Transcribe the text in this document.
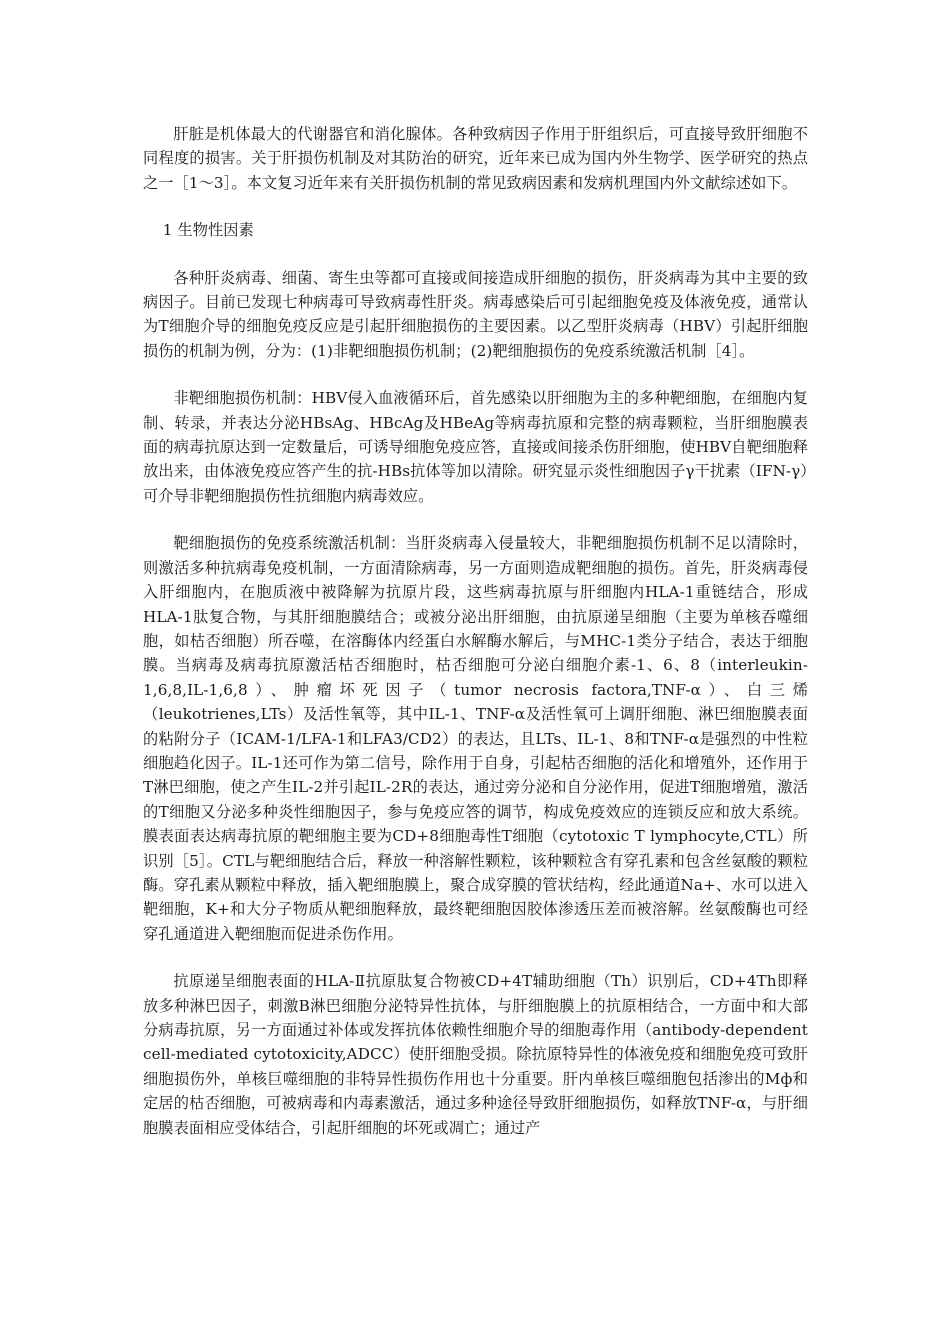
肝脏是机体最大的代谢器官和消化腺体。各种致病因子作用于肝组织后，可直接导致肝细胞不同程度的损害。关于肝损伤机制及对其防治的研究，近年来已成为国内外生物学、医学研究的热点之一［1～3］。本文复习近年来有关肝损伤机制的常见致病因素和发病机理国内外文献综述如下。

1 生物性因素

各种肝炎病毒、细菌、寄生虫等都可直接或间接造成肝细胞的损伤，肝炎病毒为其中主要的致病因子。目前已发现七种病毒可导致病毒性肝炎。病毒感染后可引起细胞免疫及体液免疫，通常认为T细胞介导的细胞免疫反应是引起肝细胞损伤的主要因素。以乙型肝炎病毒（HBV）引起肝细胞损伤的机制为例，分为：(1)非靶细胞损伤机制；(2)靶细胞损伤的免疫系统激活机制［4］。

非靶细胞损伤机制：HBV侵入血液循环后，首先感染以肝细胞为主的多种靶细胞，在细胞内复制、转录，并表达分泌HBsAg、HBcAg及HBeAg等病毒抗原和完整的病毒颗粒，当肝细胞膜表面的病毒抗原达到一定数量后，可诱导细胞免疫应答，直接或间接杀伤肝细胞，使HBV自靶细胞释放出来，由体液免疫应答产生的抗-HBs抗体等加以清除。研究显示炎性细胞因子γ干扰素（IFN-γ）可介导非靶细胞损伤性抗细胞内病毒效应。

靶细胞损伤的免疫系统激活机制：当肝炎病毒入侵量较大，非靶细胞损伤机制不足以清除时，则激活多种抗病毒免疫机制，一方面清除病毒，另一方面则造成靶细胞的损伤。首先，肝炎病毒侵入肝细胞内，在胞质液中被降解为抗原片段，这些病毒抗原与肝细胞内HLA-1重链结合，形成HLA-1肽复合物，与其肝细胞膜结合；或被分泌出肝细胞，由抗原递呈细胞（主要为单核吞噬细胞，如枯否细胞）所吞噬，在溶酶体内经蛋白水解酶水解后，与MHC-1类分子结合，表达于细胞膜。当病毒及病毒抗原激活枯否细胞时，枯否细胞可分泌白细胞介素-1、6、8（interleukin-1,6,8,IL-1,6,8）、肿瘤坏死因子（tumor necrosis factora,TNF-α）、白三烯（leukotrienes,LTs）及活性氧等，其中IL-1、TNF-α及活性氧可上调肝细胞、淋巴细胞膜表面的粘附分子（ICAM-1/LFA-1和LFA3/CD2）的表达，且LTs、IL-1、8和TNF-α是强烈的中性粒细胞趋化因子。IL-1还可作为第二信号，除作用于自身，引起枯否细胞的活化和增殖外，还作用于T淋巴细胞，使之产生IL-2并引起IL-2R的表达，通过旁分泌和自分泌作用，促进T细胞增殖，激活的T细胞又分泌多种炎性细胞因子，参与免疫应答的调节，构成免疫效应的连锁反应和放大系统。膜表面表达病毒抗原的靶细胞主要为CD+8细胞毒性T细胞（cytotoxic T lymphocyte,CTL）所识别［5］。CTL与靶细胞结合后，释放一种溶解性颗粒，该种颗粒含有穿孔素和包含丝氨酸的颗粒酶。穿孔素从颗粒中释放，插入靶细胞膜上，聚合成穿膜的管状结构，经此通道Na+、水可以进入靶细胞，K+和大分子物质从靶细胞释放，最终靶细胞因胶体渗透压差而被溶解。丝氨酸酶也可经穿孔通道进入靶细胞而促进杀伤作用。

抗原递呈细胞表面的HLA-Ⅱ抗原肽复合物被CD+4T辅助细胞（Th）识别后，CD+4Th即释放多种淋巴因子，刺激B淋巴细胞分泌特异性抗体，与肝细胞膜上的抗原相结合，一方面中和大部分病毒抗原，另一方面通过补体或发挥抗体依赖性细胞介导的细胞毒作用（antibody-dependent cell-mediated cytotoxicity,ADCC）使肝细胞受损。除抗原特异性的体液免疫和细胞免疫可致肝细胞损伤外，单核巨噬细胞的非特异性损伤作用也十分重要。肝内单核巨噬细胞包括渗出的Mф和定居的枯否细胞，可被病毒和内毒素激活，通过多种途径导致肝细胞损伤，如释放TNF-α，与肝细胞膜表面相应受体结合，引起肝细胞的坏死或凋亡；通过产
